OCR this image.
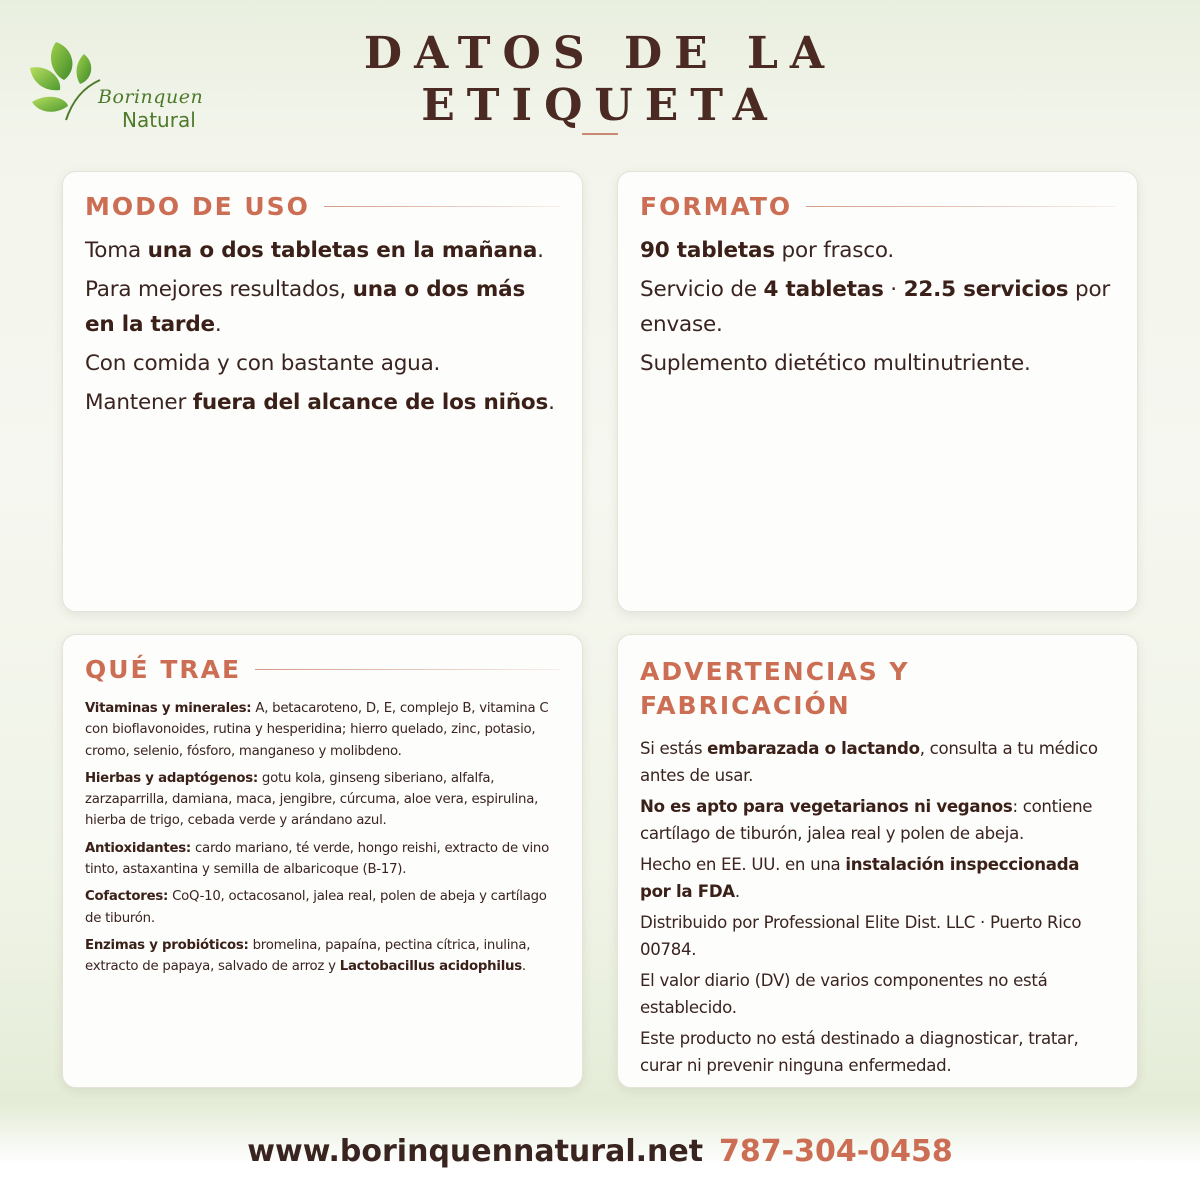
Borinquen
Natural
DATOS DE LA
ETIQUETA
MODO DE USO

Toma una o dos tabletas en la mañana.

Para mejores resultados, una o dos más en la tarde.

Con comida y con bastante agua.

Mantener fuera del alcance de los niños.

FORMATO

90 tabletas por frasco.

Servicio de 4 tabletas · 22.5 servicios por envase.

Suplemento dietético multinutriente.

QUÉ TRAE

Vitaminas y minerales: A, betacaroteno, D, E, complejo B, vitamina C con bioflavonoides, rutina y hesperidina; hierro quelado, zinc, potasio, cromo, selenio, fósforo, manganeso y molibdeno.

Hierbas y adaptógenos: gotu kola, ginseng siberiano, alfalfa, zarzaparrilla, damiana, maca, jengibre, cúrcuma, aloe vera, espirulina, hierba de trigo, cebada verde y arándano azul.

Antioxidantes: cardo mariano, té verde, hongo reishi, extracto de vino tinto, astaxantina y semilla de albaricoque (B-17).

Cofactores: CoQ-10, octacosanol, jalea real, polen de abeja y cartílago de tiburón.

Enzimas y probióticos: bromelina, papaína, pectina cítrica, inulina, extracto de papaya, salvado de arroz y Lactobacillus acidophilus.

ADVERTENCIAS Y FABRICACIÓN

Si estás embarazada o lactando, consulta a tu médico antes de usar.

No es apto para vegetarianos ni veganos: contiene cartílago de tiburón, jalea real y polen de abeja.

Hecho en EE. UU. en una instalación inspeccionada por la FDA.

Distribuido por Professional Elite Dist. LLC · Puerto Rico 00784.

El valor diario (DV) de varios componentes no está establecido.

Este producto no está destinado a diagnosticar, tratar, curar ni prevenir ninguna enfermedad.

www.borinquennatural.net 787-304-0458
